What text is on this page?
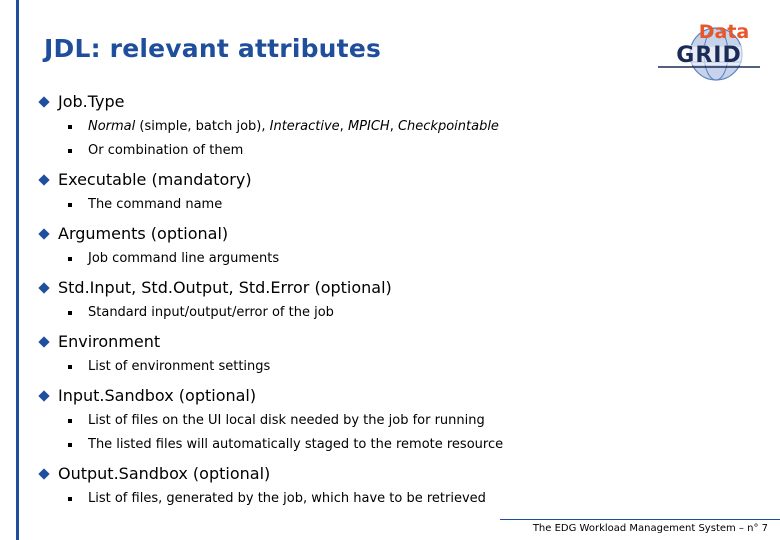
JDL: relevant attributes
Data
GRID
Job.Type
Normal (simple, batch job), Interactive, MPICH, Checkpointable
Or combination of them
Executable (mandatory)
The command name
Arguments (optional)
Job command line arguments
Std.Input, Std.Output, Std.Error (optional)
Standard input/output/error of the job
Environment
List of environment settings
Input.Sandbox (optional)
List of files on the UI local disk needed by the job for running
The listed files will automatically staged to the remote resource
Output.Sandbox (optional)
List of files, generated by the job, which have to be retrieved
The EDG Workload Management System – n° 7
